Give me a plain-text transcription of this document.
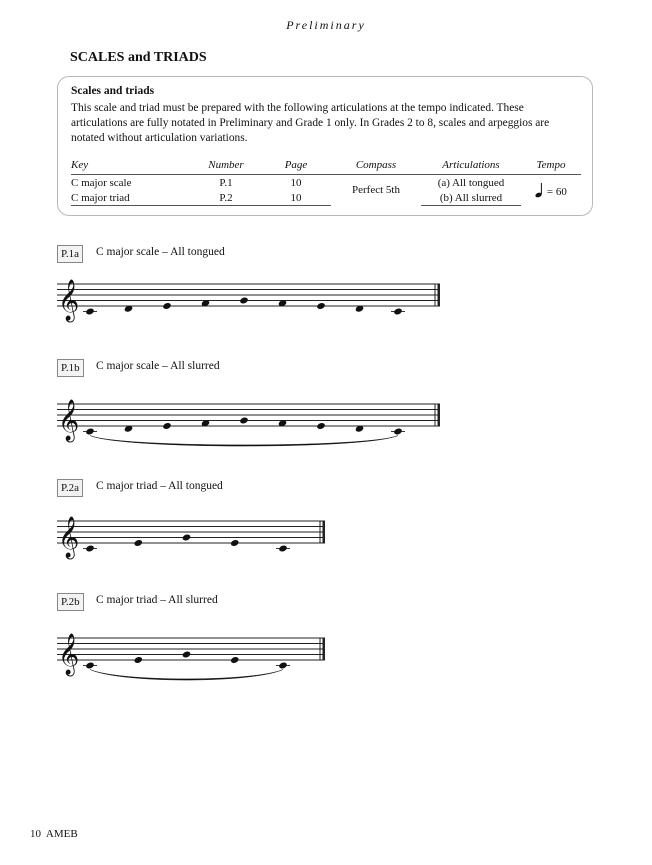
Preliminary
SCALES and TRIADS
Scales and triads
This scale and triad must be prepared with the following articulations at the tempo indicated. These articulations are fully notated in Preliminary and Grade 1 only. In Grades 2 to 8, scales and arpeggios are notated without articulation variations.
Key	Number	Page	Compass	Articulations	Tempo
C major scale	P.1	10	Perfect 5th	(a) All tongued	= 60
C major triad	P.2	10		(b) All slurred	
P.1a	C major scale – All tongued
𝄞
P.1b	C major scale – All slurred
𝄞
P.2a	C major triad – All tongued
𝄞
P.2b	C major triad – All slurred
𝄞
10 AMEB
